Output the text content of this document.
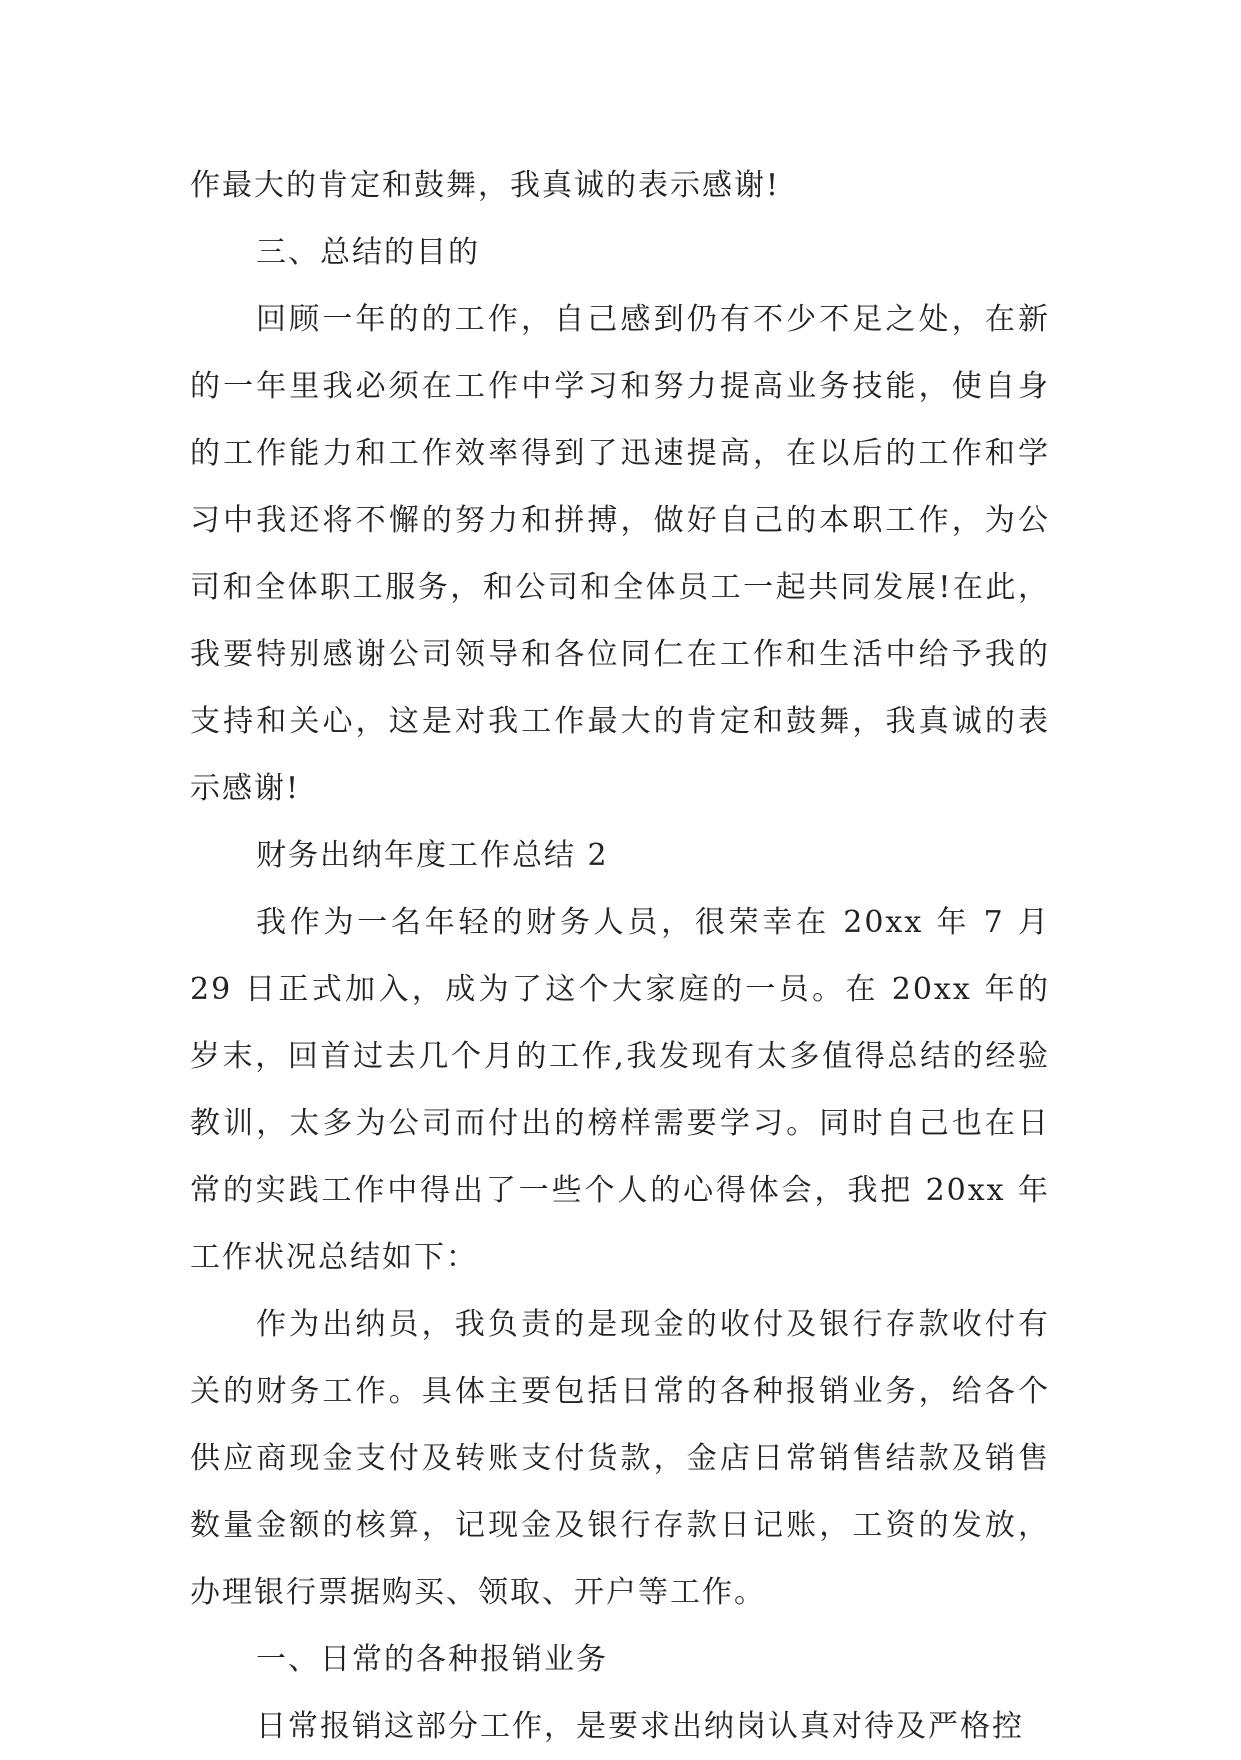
作最大的肯定和鼓舞，我真诚的表示感谢!

三、总结的目的

回顾一年的的工作，自己感到仍有不少不足之处，在新的一年里我必须在工作中学习和努力提高业务技能，使自身的工作能力和工作效率得到了迅速提高，在以后的工作和学习中我还将不懈的努力和拼搏，做好自己的本职工作，为公司和全体职工服务，和公司和全体员工一起共同发展!在此，我要特别感谢公司领导和各位同仁在工作和生活中给予我的支持和关心，这是对我工作最大的肯定和鼓舞，我真诚的表示感谢!

财务出纳年度工作总结 2

我作为一名年轻的财务人员，很荣幸在 20xx 年 7 月 29 日正式加入，成为了这个大家庭的一员。在 20xx 年的岁末，回首过去几个月的工作,我发现有太多值得总结的经验教训，太多为公司而付出的榜样需要学习。同时自己也在日常的实践工作中得出了一些个人的心得体会，我把 20xx 年工作状况总结如下：

作为出纳员，我负责的是现金的收付及银行存款收付有关的财务工作。具体主要包括日常的各种报销业务，给各个供应商现金支付及转账支付货款，金店日常销售结款及销售数量金额的核算，记现金及银行存款日记账，工资的发放，办理银行票据购买、领取、开户等工作。

一、日常的各种报销业务

日常报销这部分工作，是要求出纳岗认真对待及严格控
